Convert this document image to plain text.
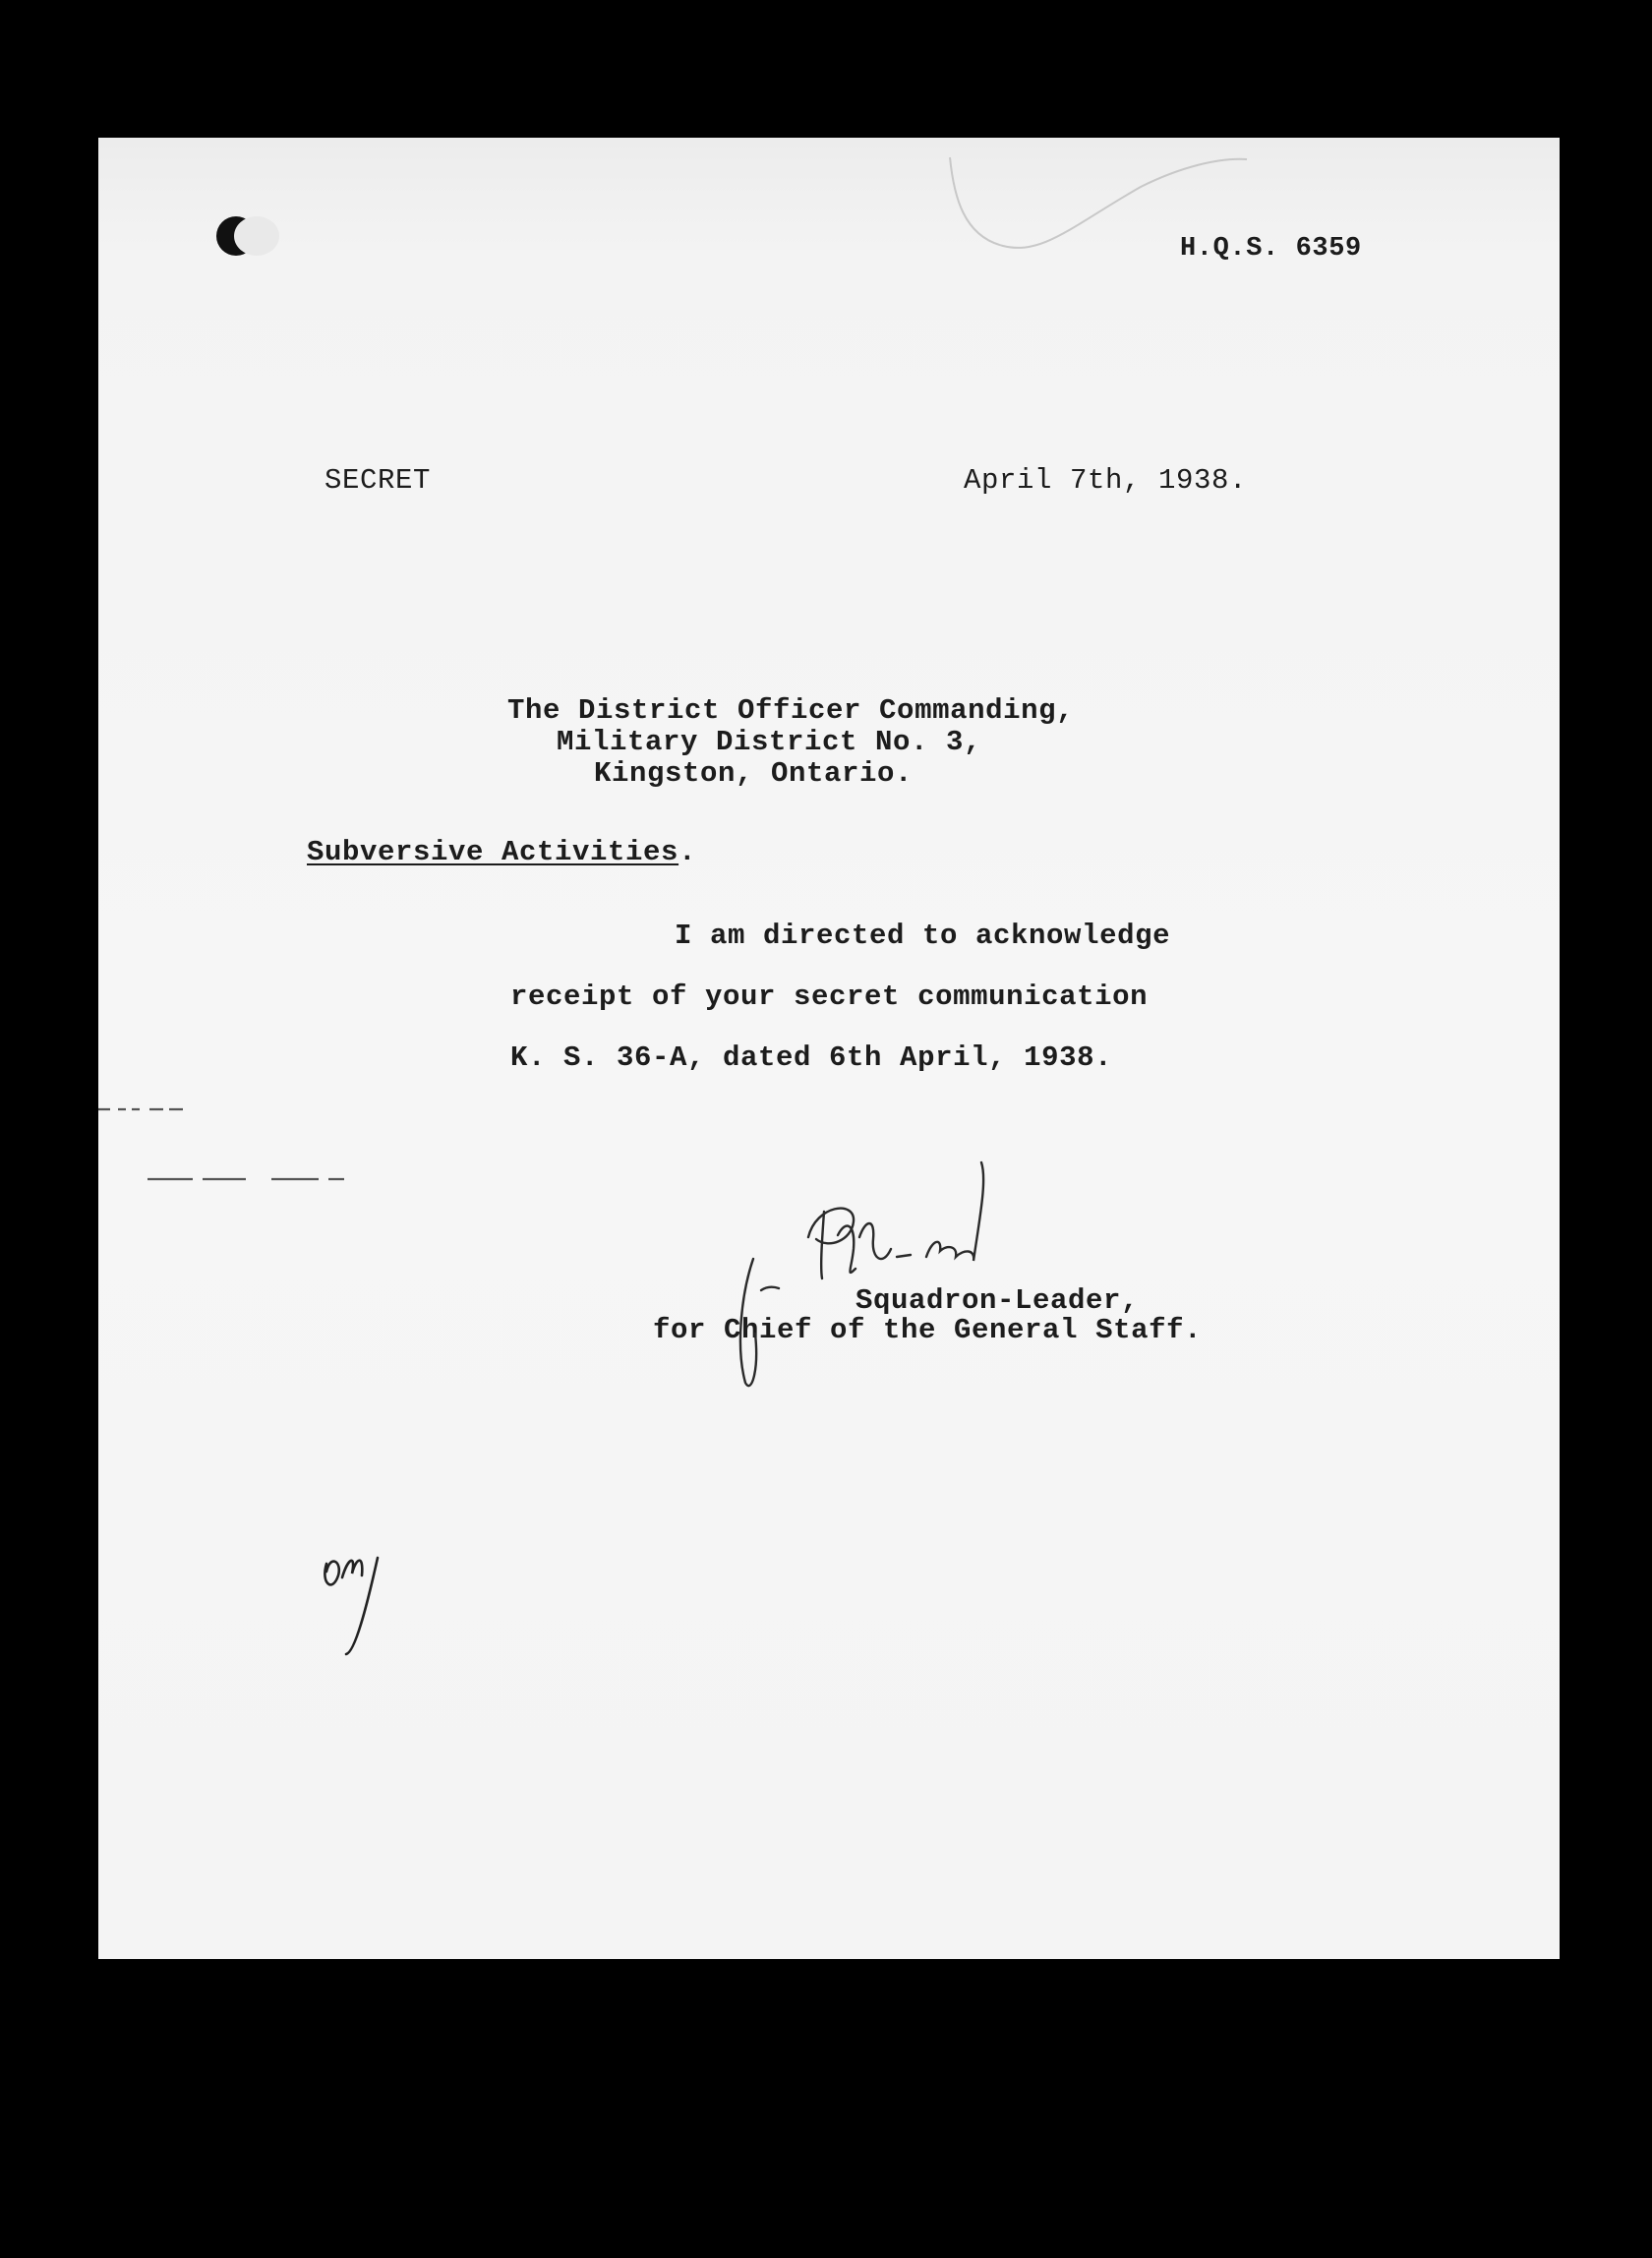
H.Q.S. 6359
SECRET	April 7th, 1938.
The District Officer Commanding,
Military District No. 3,
Kingston, Ontario.
Subversive Activities.
I am directed to acknowledge
receipt of your secret communication
K. S. 36-A, dated 6th April, 1938.
Squadron-Leader,
for Chief of the General Staff.
